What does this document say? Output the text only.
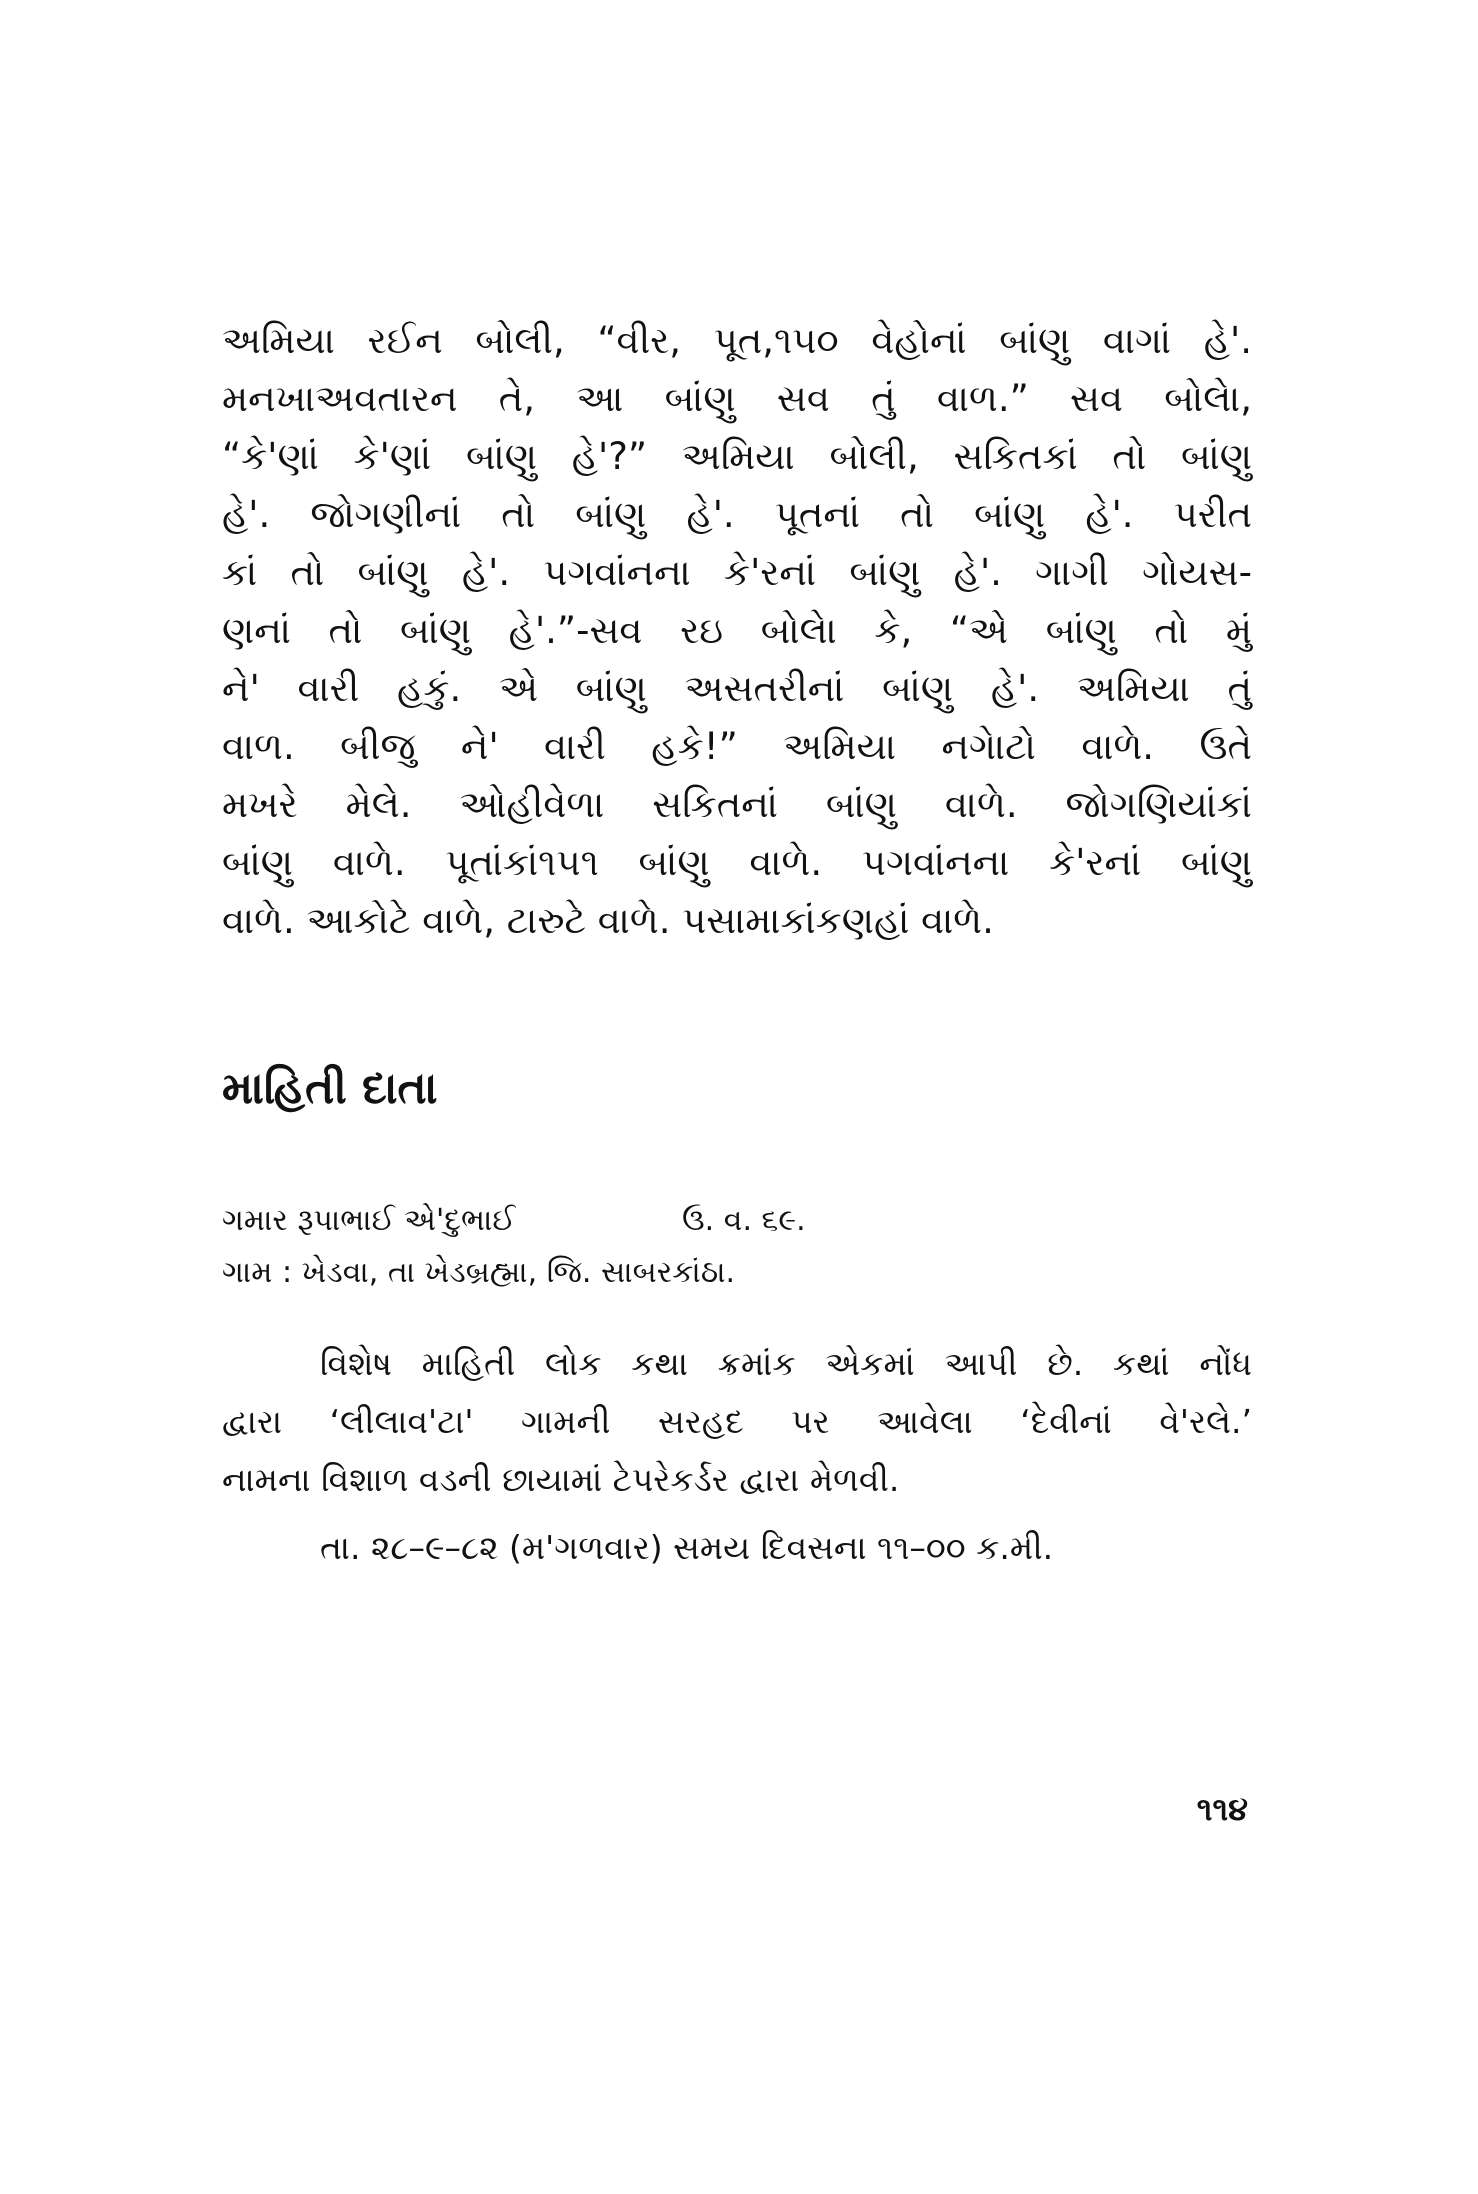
અમિયા રઈન બોલી, “વીર, પૂત,૧૫૦ વેહોનાં બાંણુ વાગાં હે'.
મનખાઅવતારન તે, આ બાંણુ સવ તું વાળ.” સવ બોલેા,
“કે'ણાં કે'ણાં બાંણુ હે'?” અમિયા બોલી, સકિતકાં તો બાંણુ
હે'. જોગણીનાં તો બાંણુ હે'. પૂતનાં તો બાંણુ હે'. પરીત
કાં તો બાંણુ હે'. પગવાંનના કે'રનાં બાંણુ હે'. ગાગી ગોયસ-
ણનાં તો બાંણુ હે'.”-સવ રઇ બોલેા કે, “એ બાંણુ તો મું
ને' વારી હકું. એ બાંણુ અસતરીનાં બાંણુ હે'. અમિયા તું
વાળ. બીજુ ને' વારી હકે!” અમિયા નગેાટો વાળે. ઉતે
મખરે મેલે. ઓહીવેળા સકિતનાં બાંણુ વાળે. જોગણિયાંકાં
બાંણુ વાળે. પૂતાંકાં૧૫૧ બાંણુ વાળે. પગવાંનના કે'રનાં બાંણુ
વાળે. આકોટે વાળે, ટારુટે વાળે. પસામાકાંકણહાં વાળે.
માહિતી દાતા
ગમાર રૂપાભાઈ એ'દુભાઈ	ઉ. વ. ૬૯.
ગામ : ખેડવા, તા ખેડબ્રહ્મા, જિ. સાબરકાંઠા.
વિશેષ માહિતી લોક કથા ક્રમાંક એકમાં આપી છે. કથાં નોંધ
દ્વારા ‘લીલાવ'ટા' ગામની સરહદ પર આવેલા ‘દેવીનાં વે'રલે.’
નામના વિશાળ વડની છાયામાં ટેપરેકર્ડર દ્વારા મેળવી.
તા. ૨૮–૯–૮૨ (મ'ગળવાર) સમય દિવસના ૧૧–૦૦ ક.મી.
૧૧૪
